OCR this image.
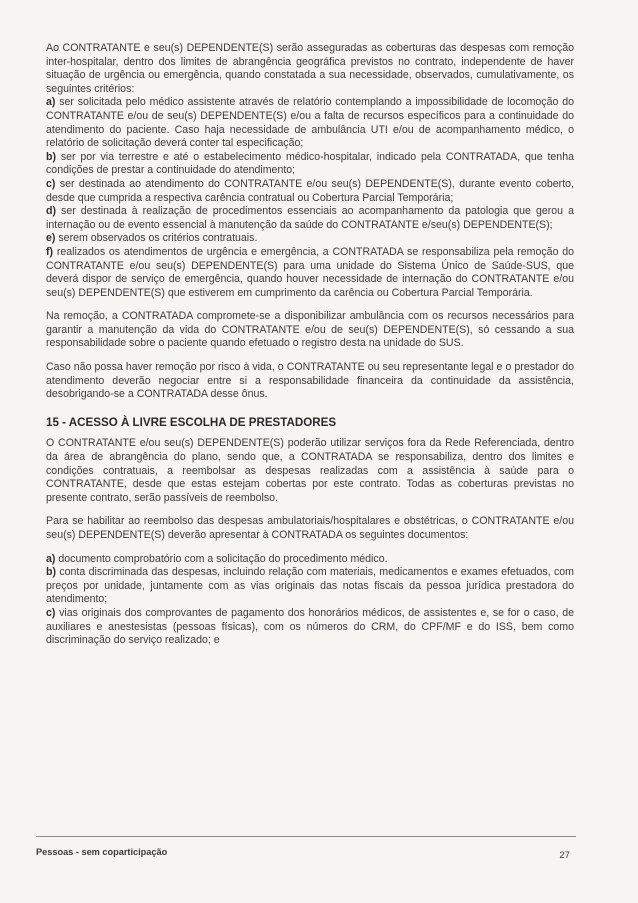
Ao CONTRATANTE e seu(s) DEPENDENTE(S) serão asseguradas as coberturas das despesas com remoção inter-hospitalar, dentro dos limites de abrangência geográfica previstos no contrato, independente de haver situação de urgência ou emergência, quando constatada a sua necessidade, observados, cumulativamente, os seguintes critérios:

a) ser solicitada pelo médico assistente através de relatório contemplando a impossibilidade de locomoção do CONTRATANTE e/ou de seu(s) DEPENDENTE(S) e/ou a falta de recursos específicos para a continuidade do atendimento do paciente. Caso haja necessidade de ambulância UTI e/ou de acompanhamento médico, o relatório de solicitação deverá conter tal especificação;

b) ser por via terrestre e até o estabelecimento médico-hospitalar, indicado pela CONTRATADA, que tenha condições de prestar a continuidade do atendimento;

c) ser destinada ao atendimento do CONTRATANTE e/ou seu(s) DEPENDENTE(S), durante evento coberto, desde que cumprida a respectiva carência contratual ou Cobertura Parcial Temporária;

d) ser destinada à realização de procedimentos essenciais ao acompanhamento da patologia que gerou a internação ou de evento essencial à manutenção da saúde do CONTRATANTE e/seu(s) DEPENDENTE(S);

e) serem observados os critérios contratuais.

f) realizados os atendimentos de urgência e emergência, a CONTRATADA se responsabiliza pela remoção do CONTRATANTE e/ou seu(s) DEPENDENTE(S) para uma unidade do Sistema Único de Saúde-SUS, que deverá dispor de serviço de emergência, quando houver necessidade de internação do CONTRATANTE e/ou seu(s) DEPENDENTE(S) que estiverem em cumprimento da carência ou Cobertura Parcial Temporária.

Na remoção, a CONTRATADA compromete-se a disponibilizar ambulância com os recursos necessários para garantir a manutenção da vida do CONTRATANTE e/ou de seu(s) DEPENDENTE(S), só cessando a sua responsabilidade sobre o paciente quando efetuado o registro desta na unidade do SUS.

Caso não possa haver remoção por risco à vida, o CONTRATANTE ou seu representante legal e o prestador do atendimento deverão negociar entre si a responsabilidade financeira da continuidade da assistência, desobrigando-se a CONTRATADA desse ônus.

15 - ACESSO À LIVRE ESCOLHA DE PRESTADORES

O CONTRATANTE e/ou seu(s) DEPENDENTE(S) poderão utilizar serviços fora da Rede Referenciada, dentro da área de abrangência do plano, sendo que, a CONTRATADA se responsabiliza, dentro dos limites e condições contratuais, a reembolsar as despesas realizadas com a assistência à saúde para o CONTRATANTE, desde que estas estejam cobertas por este contrato. Todas as coberturas previstas no presente contrato, serão passíveis de reembolso.

Para se habilitar ao reembolso das despesas ambulatoriais/hospitalares e obstétricas, o CONTRATANTE e/ou seu(s) DEPENDENTE(S) deverão apresentar à CONTRATADA os seguintes documentos:

a) documento comprobatório com a solicitação do procedimento médico.

b) conta discriminada das despesas, incluindo relação com materiais, medicamentos e exames efetuados, com preços por unidade, juntamente com as vias originais das notas fiscais da pessoa jurídica prestadora do atendimento;

c) vias originais dos comprovantes de pagamento dos honorários médicos, de assistentes e, se for o caso, de auxiliares e anestesistas (pessoas físicas), com os números do CRM, do CPF/MF e do ISS, bem como discriminação do serviço realizado; e

Pessoas - sem coparticipação	27
